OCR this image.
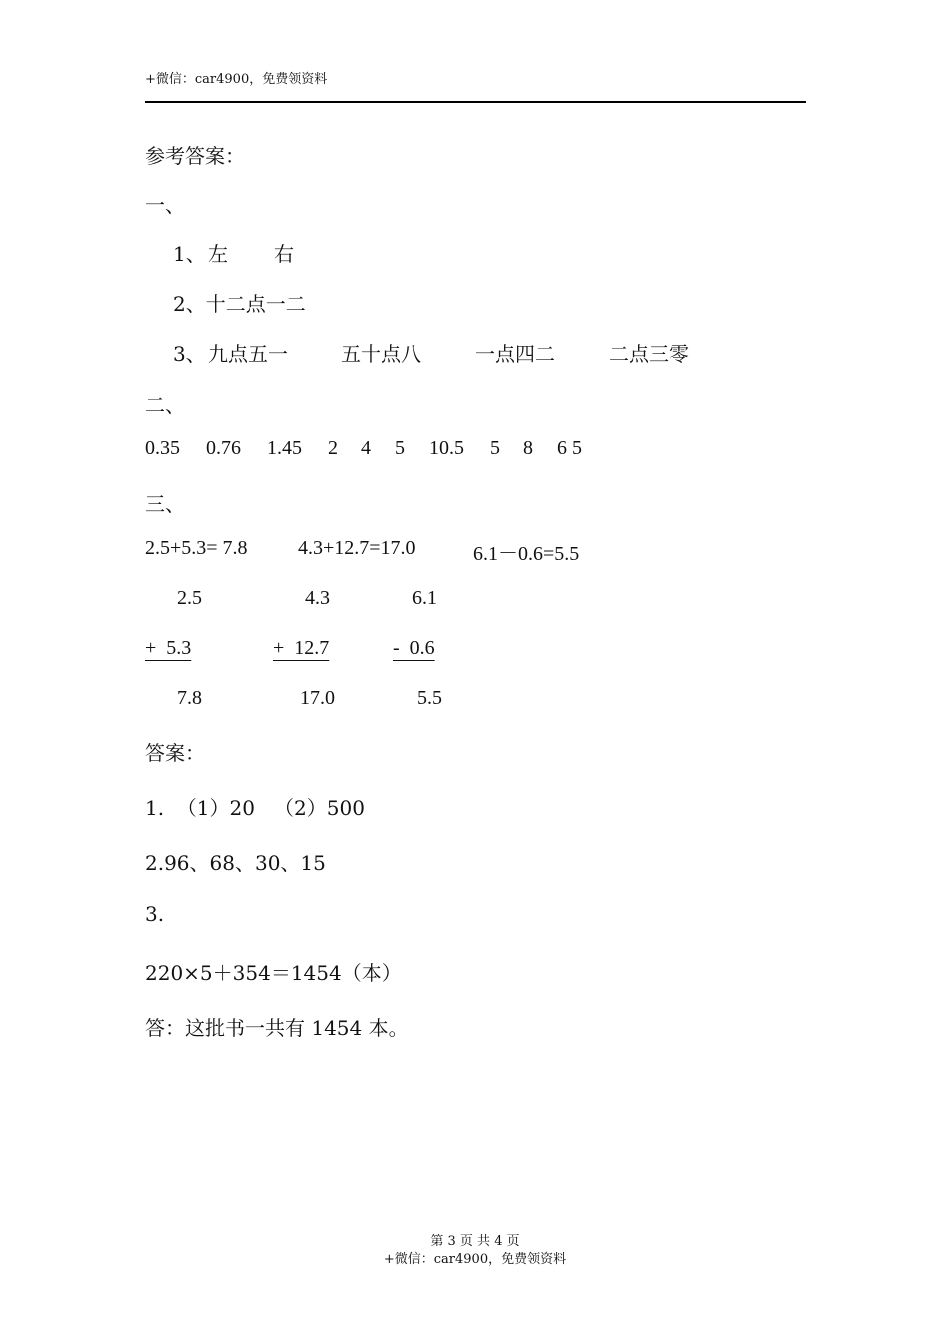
+微信：car4900，免费领资料
参考答案：
一、
1、 左 右
2、十二点一二
3、 九点五一	五十点八	一点四二	二点三零
二、
0.35 0.76 1.45 2 4 5 10.5 5 8 6 5
三、
2.5+5.3= 7.8	4.3+12.7=17.0	6.1－0.6=5.5
2.5	4.3	6.1
+  5.3	+  12.7	-  0.6
7.8	17.0	5.5
答案：
1.  （1）20   （2）500
2.96、68、30、15
3.
220×5＋354＝1454（本）
答：这批书一共有 1454 本。
第 3 页 共 4 页
+微信：car4900，免费领资料
